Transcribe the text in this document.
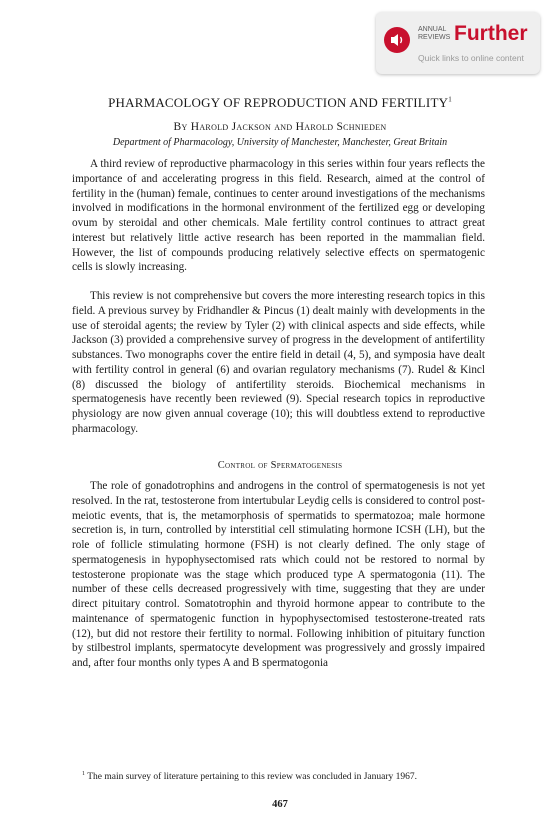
ANNUAL
REVIEWS Further
Quick links to online content
PHARMACOLOGY OF REPRODUCTION AND FERTILITY$^1$
By Harold Jackson and Harold Schnieden
Department of Pharmacology, University of Manchester, Manchester, Great Britain

A third review of reproductive pharmacology in this series within four years reflects the importance of and accelerating progress in this field. Research, aimed at the control of fertility in the (human) female, continues to center around investigations of the mechanisms involved in modifications in the hormonal environment of the fertilized egg or developing ovum by steroidal and other chemicals. Male fertility control continues to attract great interest but relatively little active research has been reported in the mammalian field. However, the list of compounds producing relatively selective effects on spermatogenic cells is slowly increasing.

This review is not comprehensive but covers the more interesting research topics in this field. A previous survey by Fridhandler & Pincus (1) dealt mainly with developments in the use of steroidal agents; the review by Tyler (2) with clinical aspects and side effects, while Jackson (3) provided a comprehensive survey of progress in the development of antifertility substances. Two monographs cover the entire field in detail (4, 5), and symposia have dealt with fertility control in general (6) and ovarian regulatory mechanisms (7). Rudel & Kincl (8) discussed the biology of antifertility steroids. Biochemical mechanisms in spermatogenesis have recently been reviewed (9). Special research topics in reproductive physiology are now given annual coverage (10); this will doubtless extend to reproductive pharmacology.

Control of Spermatogenesis

The role of gonadotrophins and androgens in the control of spermatogenesis is not yet resolved. In the rat, testosterone from intertubular Leydig cells is considered to control post-meiotic events, that is, the metamorphosis of spermatids to spermatozoa; male hormone secretion is, in turn, controlled by interstitial cell stimulating hormone ICSH (LH), but the role of follicle stimulating hormone (FSH) is not clearly defined. The only stage of spermatogenesis in hypophysectomised rats which could not be restored to normal by testosterone propionate was the stage which produced type A spermatogonia (11). The number of these cells decreased progressively with time, suggesting that they are under direct pituitary control. Somatotrophin and thyroid hormone appear to contribute to the maintenance of spermatogenic function in hypophysectomised testosterone-treated rats (12), but did not restore their fertility to normal. Following inhibition of pituitary function by stilbestrol implants, spermatocyte development was progressively and grossly impaired and, after four months only types A and B spermatogonia

$^1$ The main survey of literature pertaining to this review was concluded in January 1967.

467
